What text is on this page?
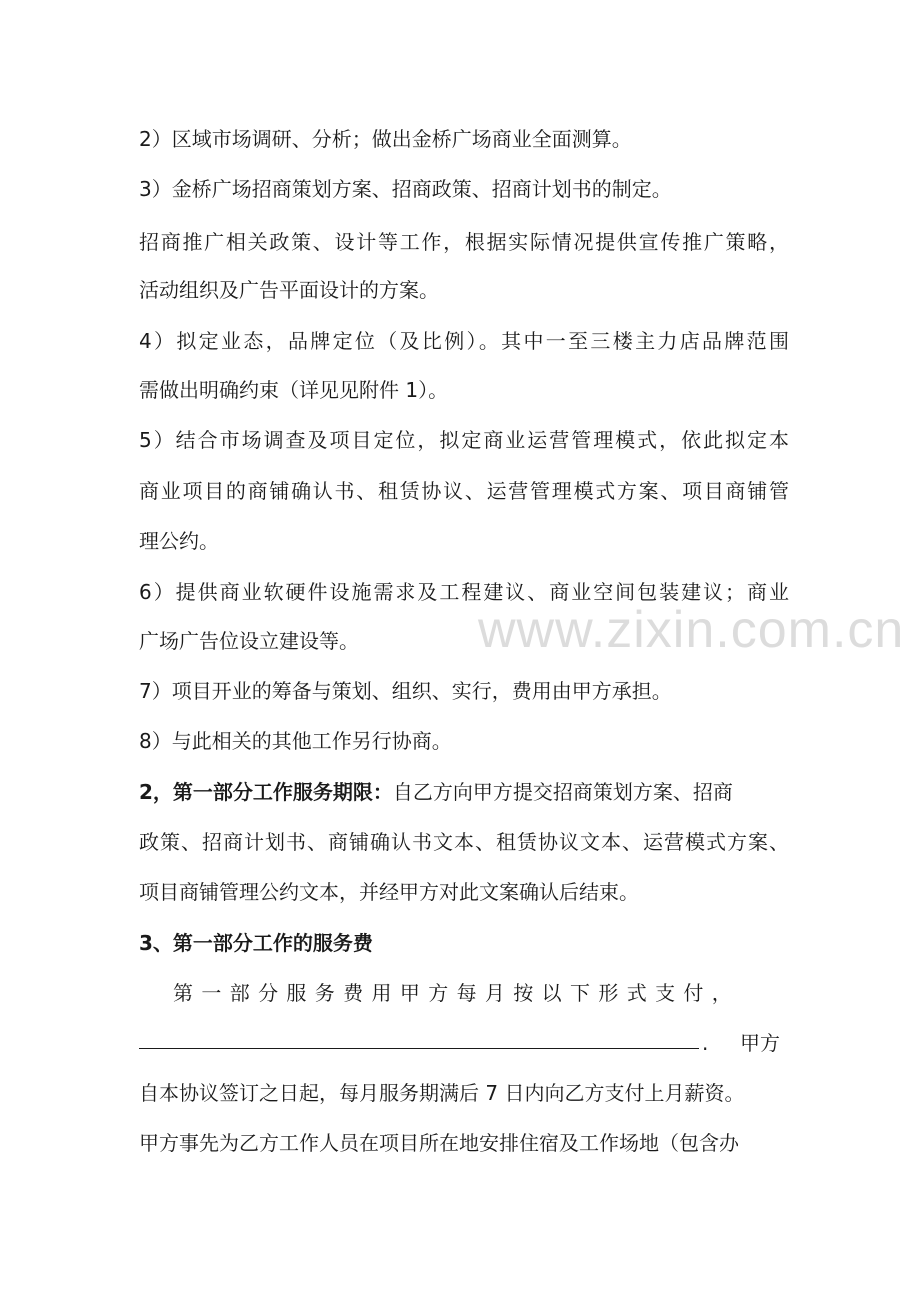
www.zixin.com.cn
2）区域市场调研、分析；做出金桥广场商业全面测算。
3）金桥广场招商策划方案、招商政策、招商计划书的制定。
招商推广相关政策、设计等工作，根据实际情况提供宣传推广策略，
活动组织及广告平面设计的方案。
4）拟定业态，品牌定位（及比例）。其中一至三楼主力店品牌范围
需做出明确约束（详见见附件 1）。
5）结合市场调查及项目定位，拟定商业运营管理模式，依此拟定本
商业项目的商铺确认书、租赁协议、运营管理模式方案、项目商铺管
理公约。
6）提供商业软硬件设施需求及工程建议、商业空间包装建议；商业
广场广告位设立建设等。
7）项目开业的筹备与策划、组织、实行，费用由甲方承担。
8）与此相关的其他工作另行协商。
2，第一部分工作服务期限：自乙方向甲方提交招商策划方案、招商
政策、招商计划书、商铺确认书文本、租赁协议文本、运营模式方案、
项目商铺管理公约文本，并经甲方对此文案确认后结束。
3、第一部分工作的服务费
第 一 部 分 服 务 费 用 甲 方 每 月 按 以 下 形 式 支 付 ，
. 甲方
自本协议签订之日起，每月服务期满后 7 日内向乙方支付上月薪资。
甲方事先为乙方工作人员在项目所在地安排住宿及工作场地（包含办
